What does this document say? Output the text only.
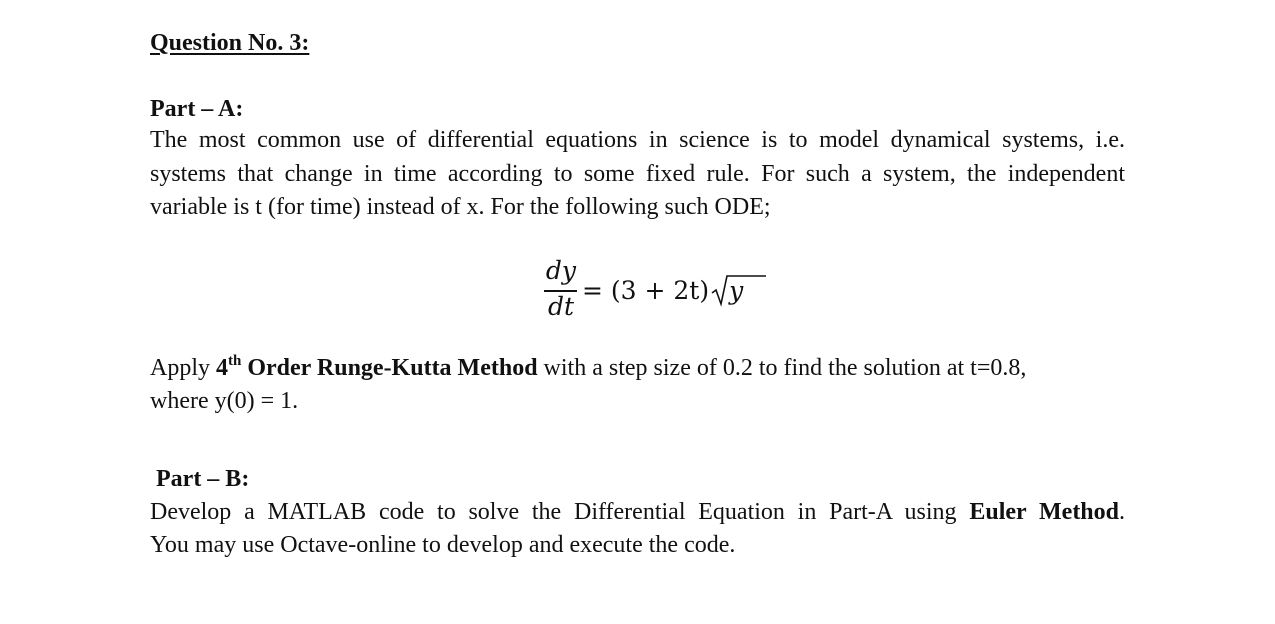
Question No. 3:
Part – A:
The most common use of differential equations in science is to model dynamical systems, i.e.
systems that change in time according to some fixed rule. For such a system, the independent
variable is t (for time) instead of x. For the following such ODE;
dy
dt
= (3 + 2t) y
Apply 4th Order Runge-Kutta Method with a step size of 0.2 to find the solution at t=0.8,
where y(0) = 1.
Part – B:
Develop a MATLAB code to solve the Differential Equation in Part-A using Euler Method.
You may use Octave-online to develop and execute the code.
